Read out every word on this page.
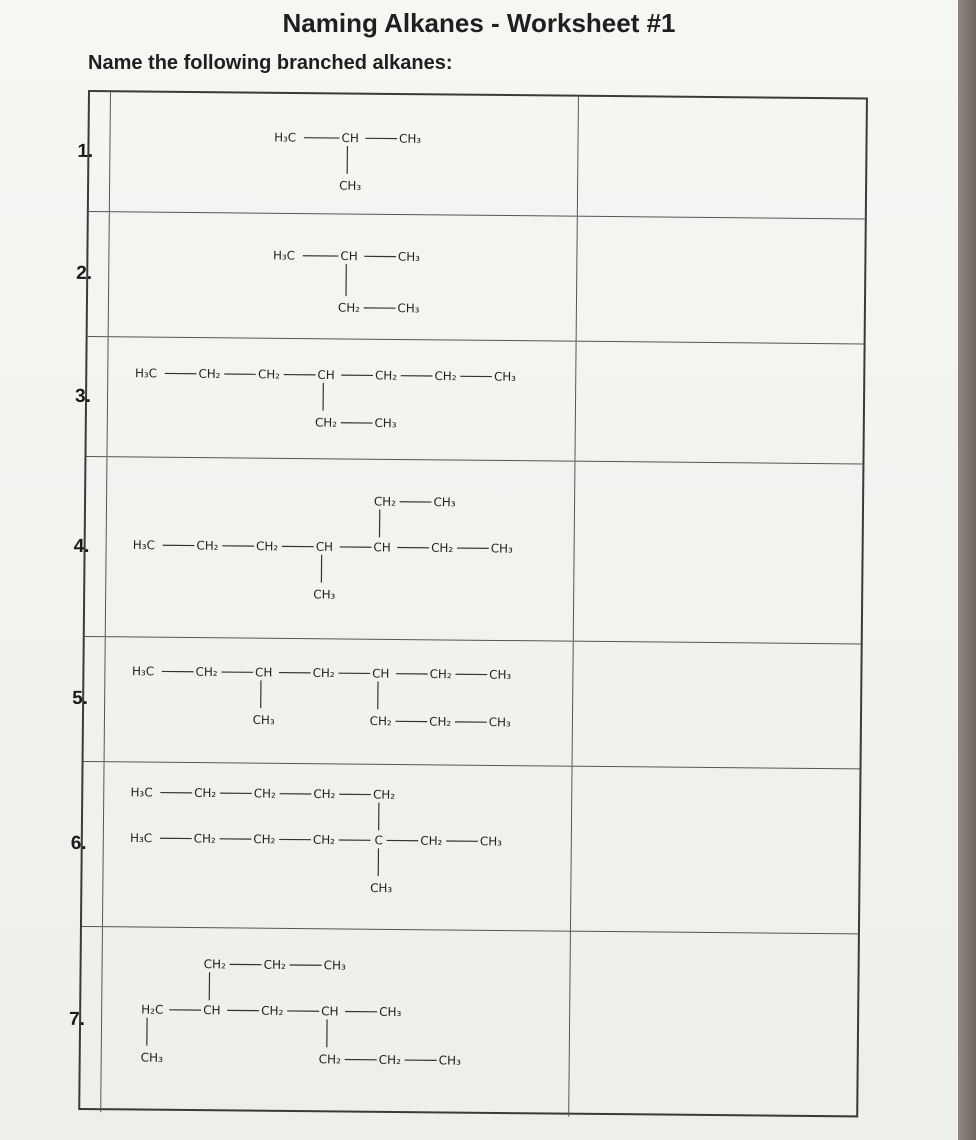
Naming Alkanes - Worksheet #1
Name the following branched alkanes:
1.
H₃C	CH	CH₃
CH₃
2.
H₃C	CH	CH₃
CH₂	CH₃
3.
H₃C	CH₂	CH₂	CH	CH₂	CH₂	CH₃
CH₂	CH₃
4.
CH₂	CH₃
H₃C	CH₂	CH₂	CH	CH	CH₂	CH₃
CH₃
5.
H₃C	CH₂	CH	CH₂	CH	CH₂	CH₃
CH₃	CH₂	CH₂	CH₃
6.
H₃C	CH₂	CH₂	CH₂	CH₂
H₃C	CH₂	CH₂	CH₂	C	CH₂	CH₃
CH₃
7.
CH₂	CH₂	CH₃
H₂C	CH	CH₂	CH	CH₃
CH₃	CH₂	CH₂	CH₃
